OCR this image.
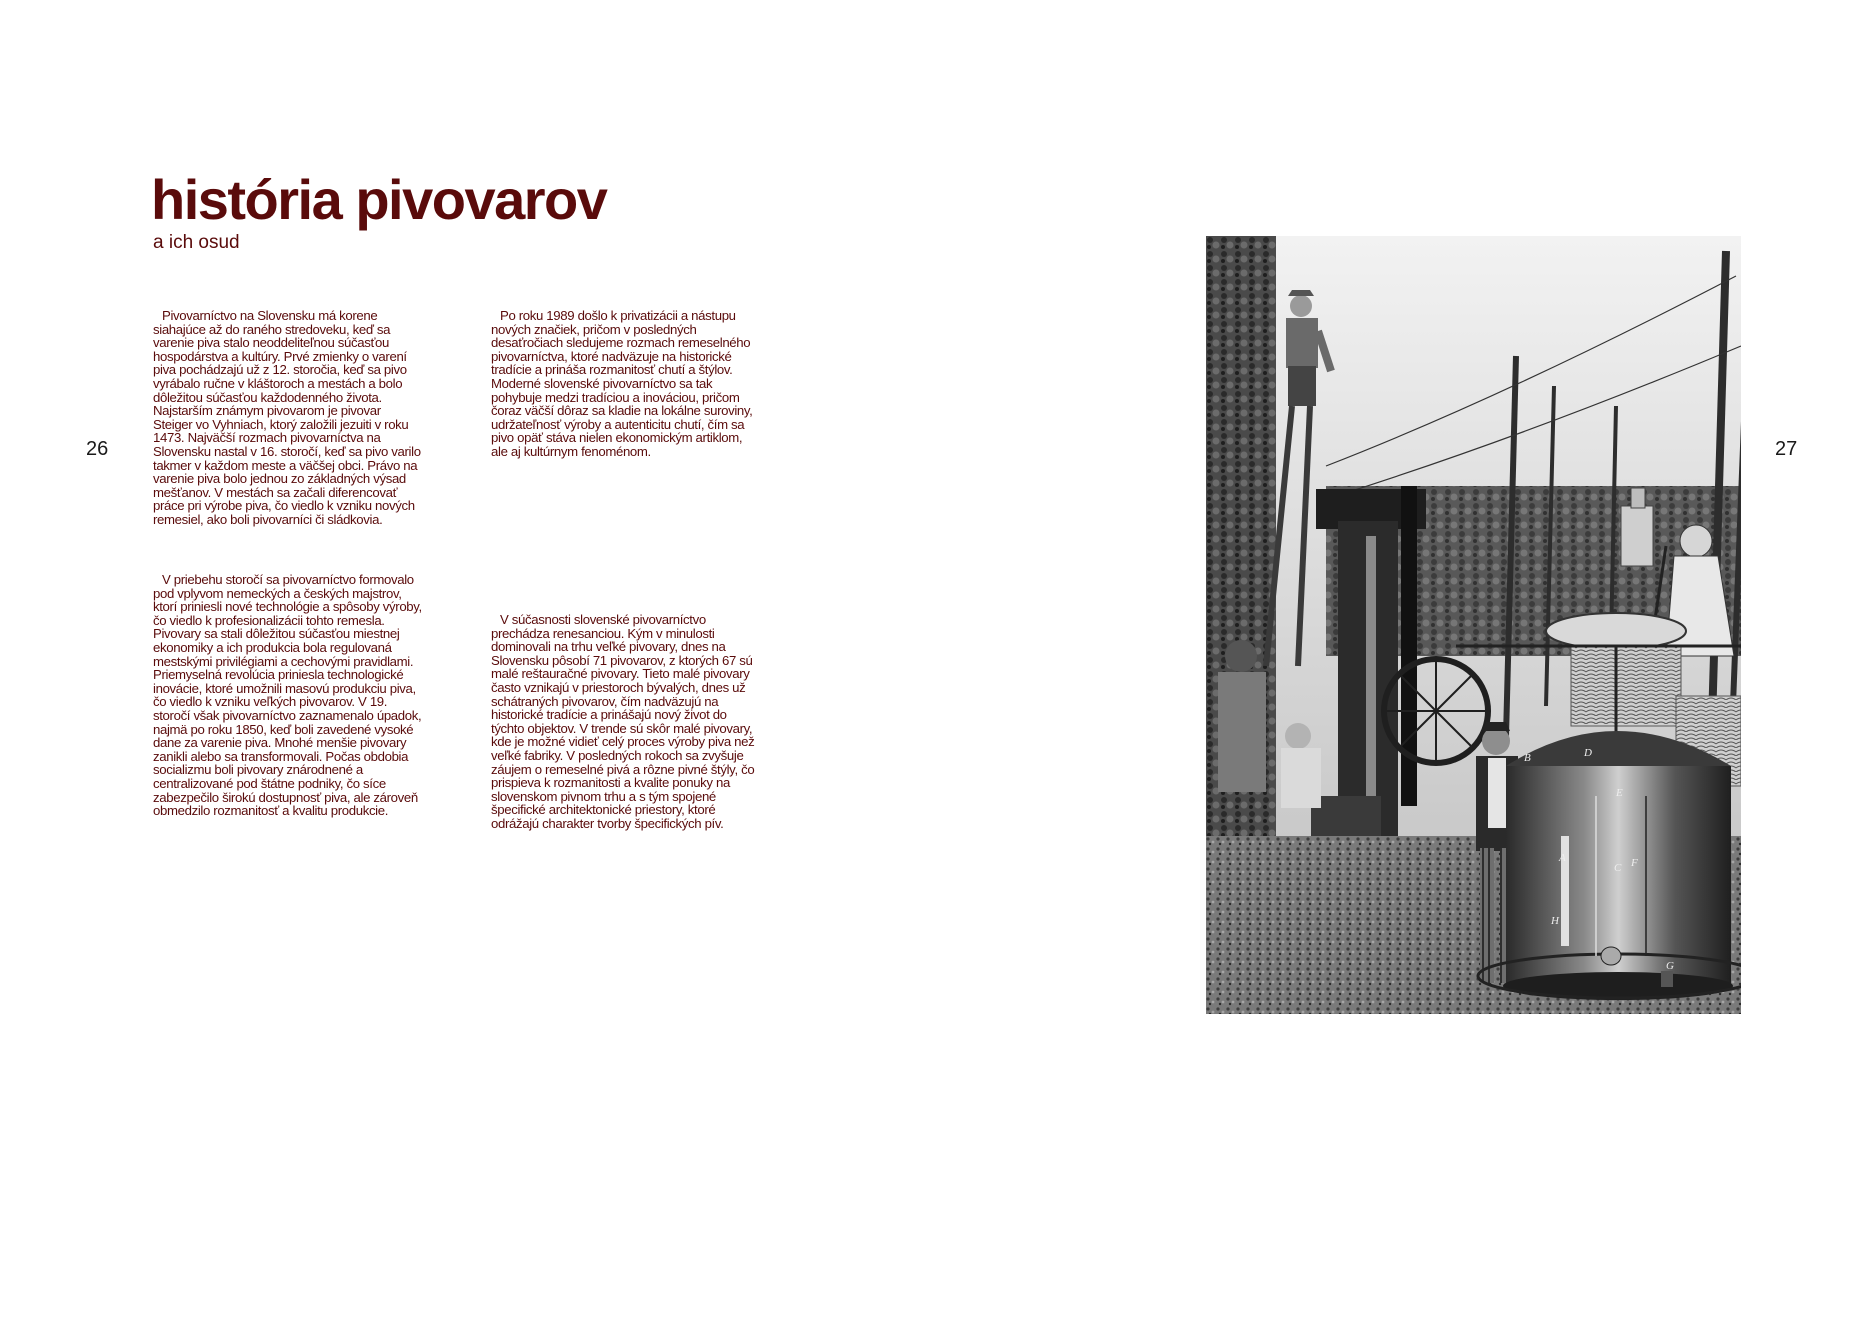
26	27
história pivovarov
a ich osud

Pivovarníctvo na Slovensku má korene siahajúce až do raného stredoveku, keď sa varenie piva stalo neoddeliteľnou súčasťou hospodárstva a kultúry. Prvé zmienky o varení piva pochádzajú už z 12. storočia, keď sa pivo vyrábalo ručne v kláštoroch a mestách a bolo dôležitou súčasťou každodenného života. Najstarším známym pivovarom je pivovar Steiger vo Vyhniach, ktorý založili jezuiti v roku 1473. Najväčší rozmach pivovarníctva na Slovensku nastal v 16. storočí, keď sa pivo varilo takmer v každom meste a väčšej obci. Právo na varenie piva bolo jednou zo základných výsad mešťanov. V mestách sa začali diferencovať práce pri výrobe piva, čo viedlo k vzniku nových remesiel, ako boli pivovarníci či sládkovia.

V priebehu storočí sa pivovarníctvo formovalo pod vplyvom nemeckých a českých majstrov, ktorí priniesli nové technológie a spôsoby výroby, čo viedlo k profesionalizácii tohto remesla. Pivovary sa stali dôležitou súčasťou miestnej ekonomiky a ich produkcia bola regulovaná mestskými privilégiami a cechovými pravidlami. Priemyselná revolúcia priniesla technologické inovácie, ktoré umožnili masovú produkciu piva, čo viedlo k vzniku veľkých pivovarov. V 19. storočí však pivovarníctvo zaznamenalo úpadok, najmä po roku 1850, keď boli zavedené vysoké dane za varenie piva. Mnohé menšie pivovary zanikli alebo sa transformovali. Počas obdobia socializmu boli pivovary znárodnené a centralizované pod štátne podniky, čo síce zabezpečilo širokú dostupnosť piva, ale zároveň obmedzilo rozmanitosť a kvalitu produkcie.

Po roku 1989 došlo k privatizácii a nástupu nových značiek, pričom v posledných desaťročiach sledujeme rozmach remeselného pivovarníctva, ktoré nadväzuje na historické tradície a prináša rozmanitosť chutí a štýlov. Moderné slovenské pivovarníctvo sa tak pohybuje medzi tradíciou a inováciou, pričom čoraz väčší dôraz sa kladie na lokálne suroviny, udržateľnosť výroby a autenticitu chutí, čím sa pivo opäť stáva nielen ekonomickým artiklom, ale aj kultúrnym fenoménom.

V súčasnosti slovenské pivovarníctvo prechádza renesanciou. Kým v minulosti dominovali na trhu veľké pivovary, dnes na Slovensku pôsobí 71 pivovarov, z ktorých 67 sú malé reštauračné pivovary. Tieto malé pivovary často vznikajú v priestoroch bývalých, dnes už schátraných pivovarov, čím nadväzujú na historické tradície a prinášajú nový život do týchto objektov. V trende sú skôr malé pivovary, kde je možné vidieť celý proces výroby piva než veľké fabriky. V posledných rokoch sa zvyšuje záujem o remeselné pivá a rôzne pivné štýly, čo prispieva k rozmanitosti a kvalite ponuky na slovenskom pivnom trhu a s tým spojené špecifické architektonické priestory, ktoré odrážajú charakter tvorby špecifických pív.

A
B
C
D
E
F
G
H
